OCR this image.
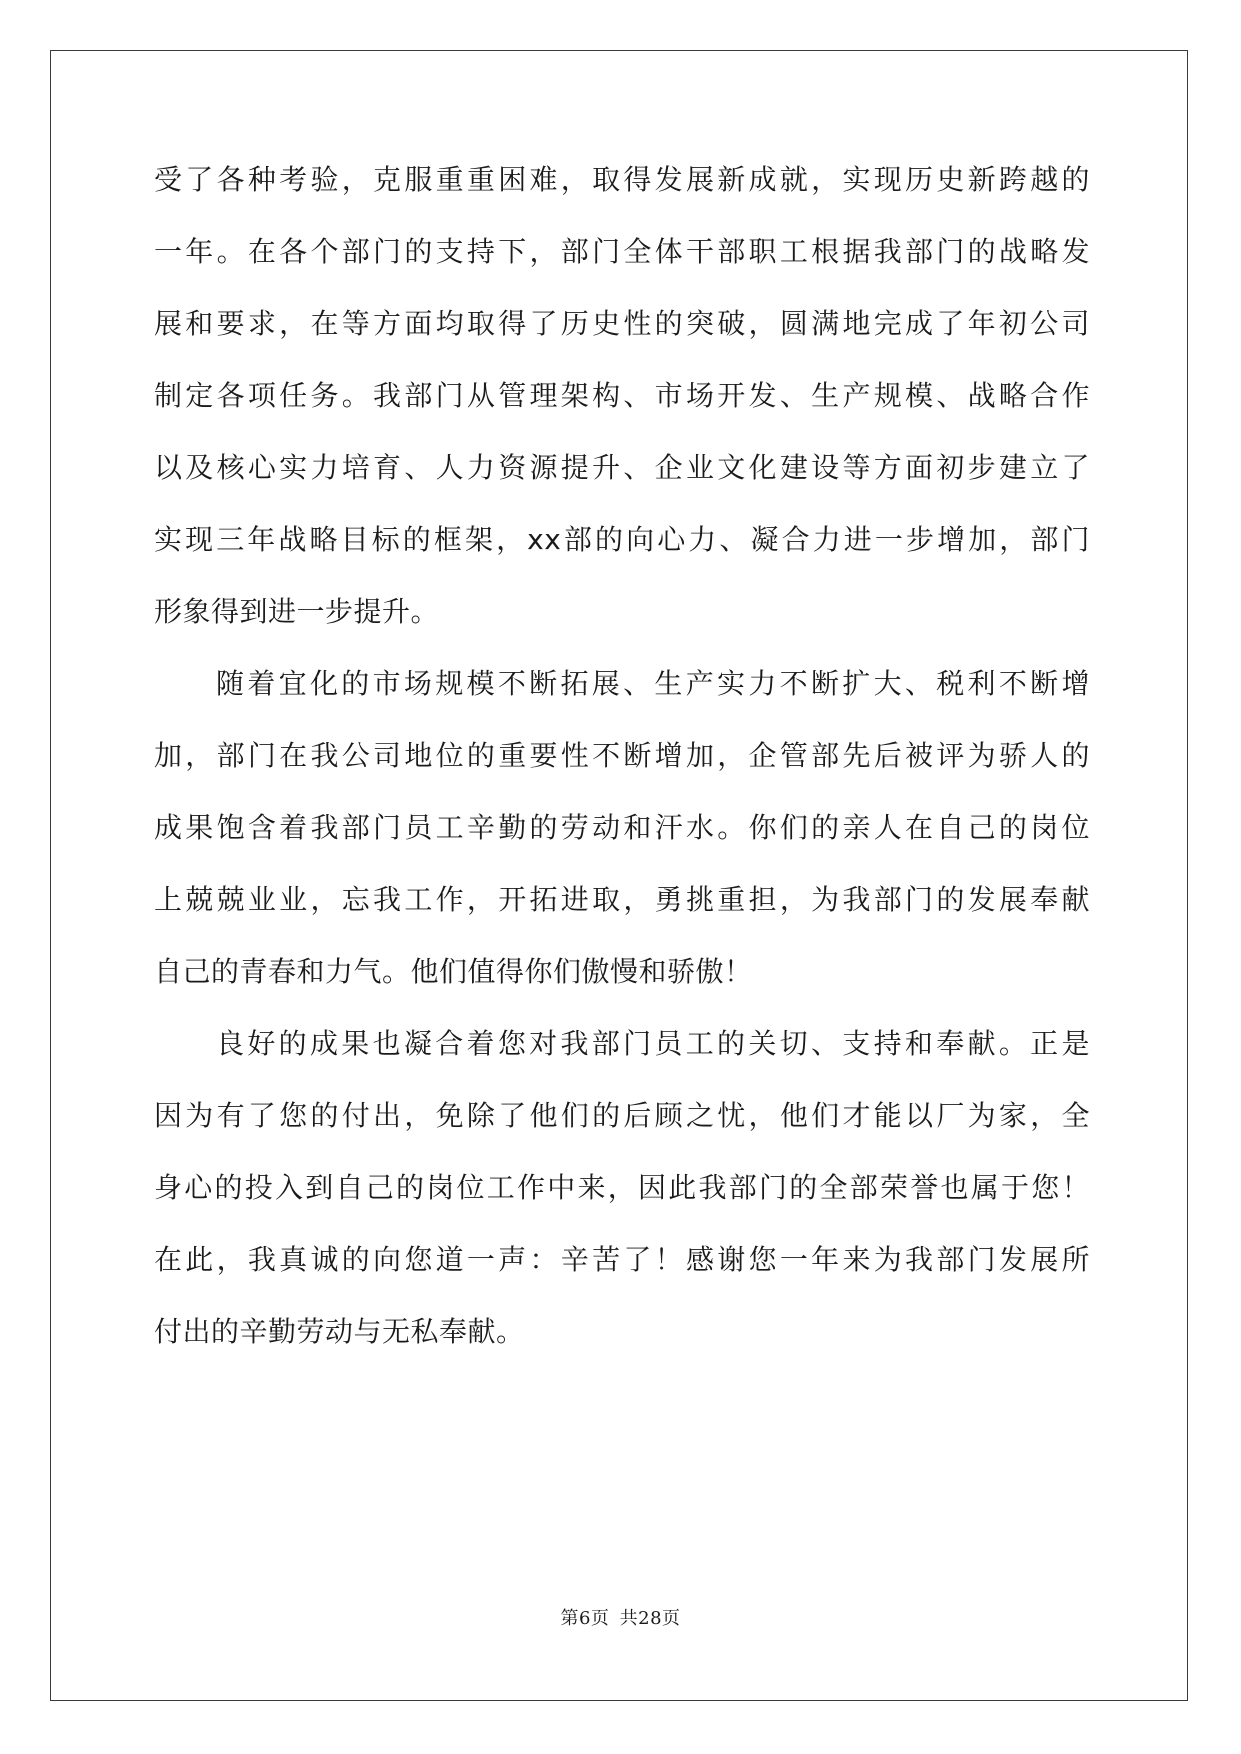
受了各种考验，克服重重困难，取得发展新成就，实现历史新跨越的
一年。在各个部门的支持下，部门全体干部职工根据我部门的战略发
展和要求，在等方面均取得了历史性的突破，圆满地完成了年初公司
制定各项任务。我部门从管理架构、市场开发、生产规模、战略合作
以及核心实力培育、人力资源提升、企业文化建设等方面初步建立了
实现三年战略目标的框架，xx部的向心力、凝合力进一步增加，部门
形象得到进一步提升。
随着宜化的市场规模不断拓展、生产实力不断扩大、税利不断增
加，部门在我公司地位的重要性不断增加，企管部先后被评为骄人的
成果饱含着我部门员工辛勤的劳动和汗水。你们的亲人在自己的岗位
上兢兢业业，忘我工作，开拓进取，勇挑重担，为我部门的发展奉献
自己的青春和力气。他们值得你们傲慢和骄傲！
良好的成果也凝合着您对我部门员工的关切、支持和奉献。正是
因为有了您的付出，免除了他们的后顾之忧，他们才能以厂为家，全
身心的投入到自己的岗位工作中来，因此我部门的全部荣誉也属于您！
在此，我真诚的向您道一声：辛苦了！感谢您一年来为我部门发展所
付出的辛勤劳动与无私奉献。
第6页 共28页
